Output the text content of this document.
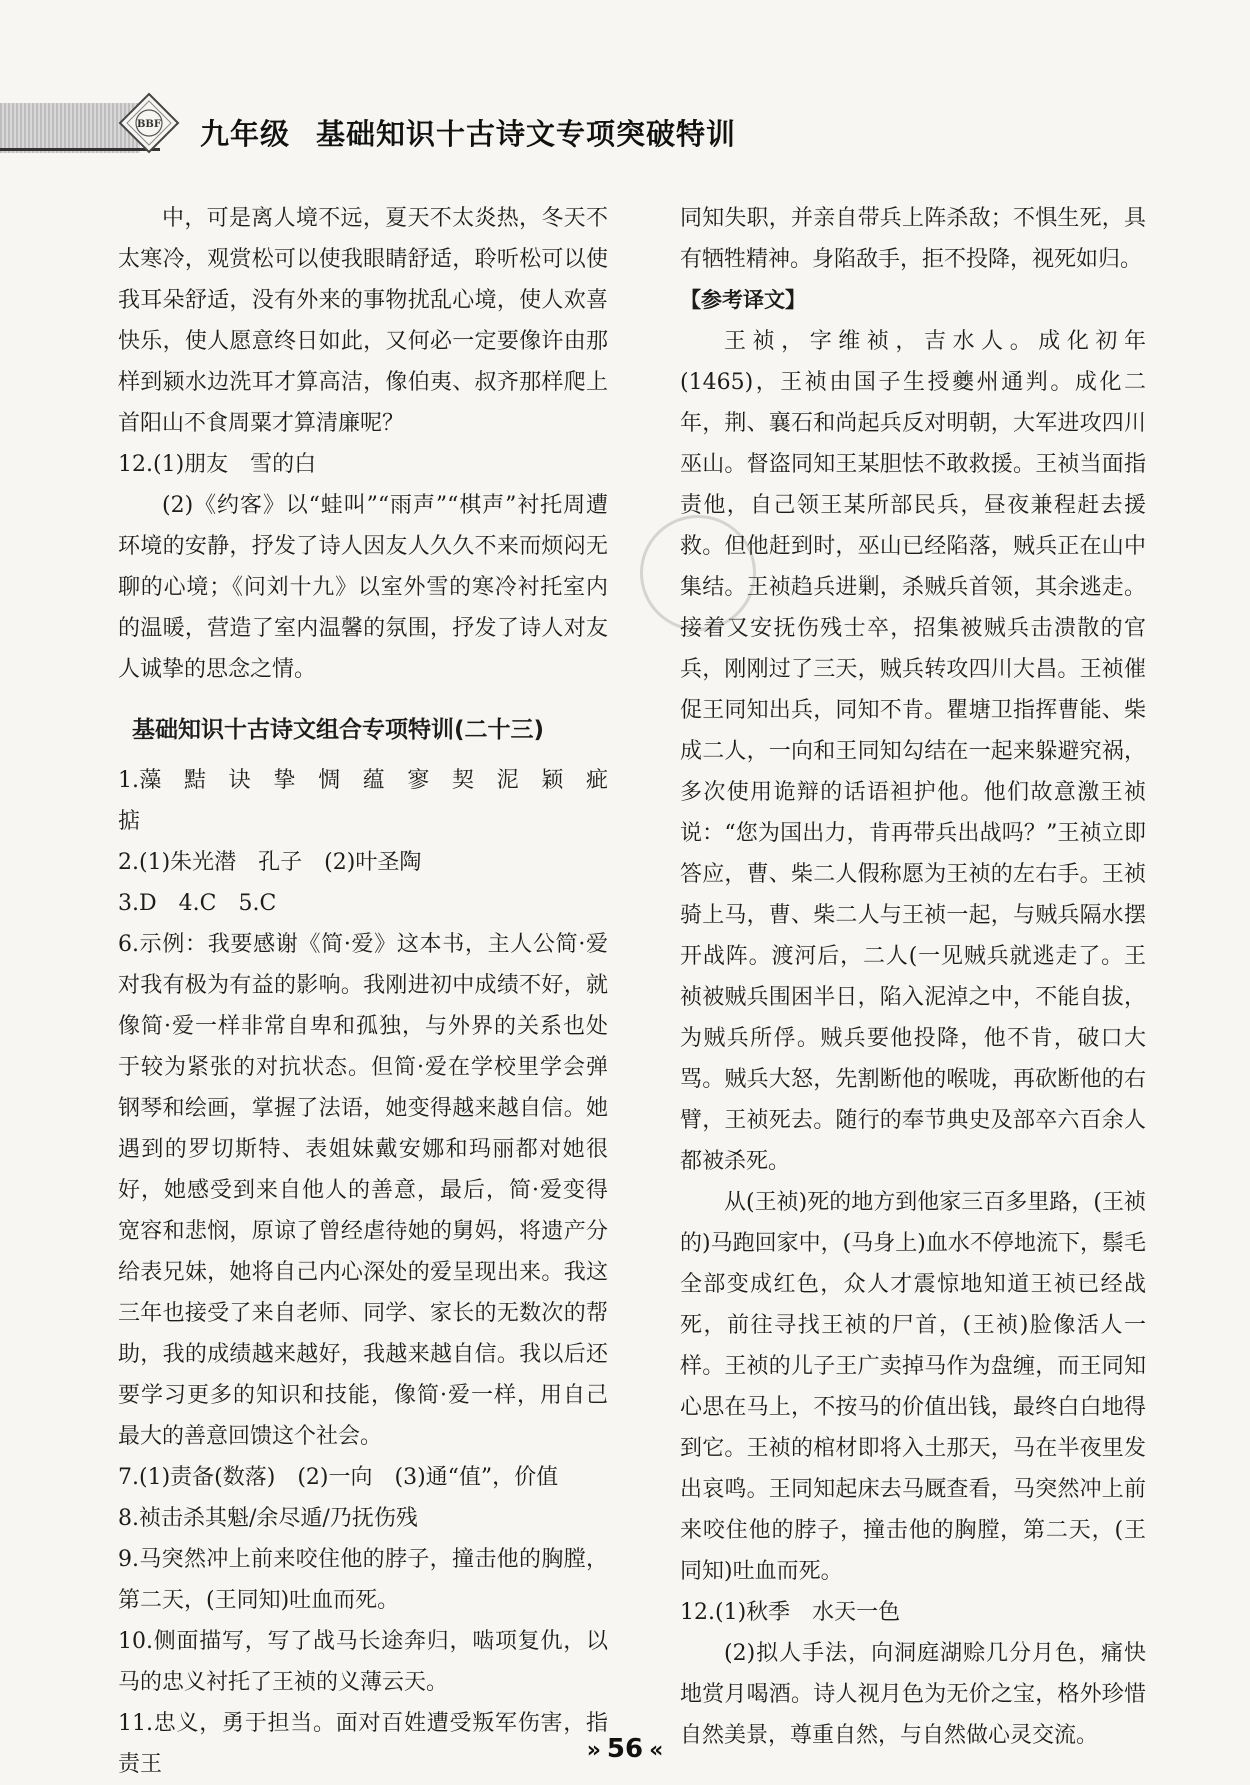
BBF 九年级 基础知识十古诗文专项突破特训

中，可是离人境不远，夏天不太炎热，冬天不太寒冷，观赏松可以使我眼睛舒适，聆听松可以使我耳朵舒适，没有外来的事物扰乱心境，使人欢喜快乐，使人愿意终日如此，又何必一定要像许由那样到颍水边洗耳才算高洁，像伯夷、叔齐那样爬上首阳山不食周粟才算清廉呢？

12.(1)朋友　雪的白

(2)《约客》以“蛙叫”“雨声”“棋声”衬托周遭环境的安静，抒发了诗人因友人久久不来而烦闷无聊的心境；《问刘十九》以室外雪的寒冷衬托室内的温暖，营造了室内温馨的氛围，抒发了诗人对友人诚挚的思念之情。

基础知识十古诗文组合专项特训(二十三)

1.藻　黠　诀　挚　惆　蕴　寥　契　泥　颖　疵　掂

2.(1)朱光潜　孔子　(2)叶圣陶

3.D　4.C　5.C

6.示例：我要感谢《简·爱》这本书，主人公简·爱对我有极为有益的影响。我刚进初中成绩不好，就像简·爱一样非常自卑和孤独，与外界的关系也处于较为紧张的对抗状态。但简·爱在学校里学会弹钢琴和绘画，掌握了法语，她变得越来越自信。她遇到的罗切斯特、表姐妹戴安娜和玛丽都对她很好，她感受到来自他人的善意，最后，简·爱变得宽容和悲悯，原谅了曾经虐待她的舅妈，将遗产分给表兄妹，她将自己内心深处的爱呈现出来。我这三年也接受了来自老师、同学、家长的无数次的帮助，我的成绩越来越好，我越来越自信。我以后还要学习更多的知识和技能，像简·爱一样，用自己最大的善意回馈这个社会。

7.(1)责备(数落)　(2)一向　(3)通“值”，价值

8.祯击杀其魁/余尽遁/乃抚伤残

9.马突然冲上前来咬住他的脖子，撞击他的胸膛，第二天，(王同知)吐血而死。

10.侧面描写，写了战马长途奔归，啮项复仇，以马的忠义衬托了王祯的义薄云天。

11.忠义，勇于担当。面对百姓遭受叛军伤害，指责王

同知失职，并亲自带兵上阵杀敌；不惧生死，具有牺牲精神。身陷敌手，拒不投降，视死如归。

【参考译文】

王祯，字维祯，吉水人。成化初年(1465)，王祯由国子生授夔州通判。成化二年，荆、襄石和尚起兵反对明朝，大军进攻四川巫山。督盗同知王某胆怯不敢救援。王祯当面指责他，自己领王某所部民兵，昼夜兼程赶去援救。但他赶到时，巫山已经陷落，贼兵正在山中集结。王祯趋兵进剿，杀贼兵首领，其余逃走。接着又安抚伤残士卒，招集被贼兵击溃散的官兵，刚刚过了三天，贼兵转攻四川大昌。王祯催促王同知出兵，同知不肯。瞿塘卫指挥曹能、柴成二人，一向和王同知勾结在一起来躲避究祸，多次使用诡辩的话语袒护他。他们故意激王祯说：“您为国出力，肯再带兵出战吗？”王祯立即答应，曹、柴二人假称愿为王祯的左右手。王祯骑上马，曹、柴二人与王祯一起，与贼兵隔水摆开战阵。渡河后，二人(一见贼兵就逃走了。王祯被贼兵围困半日，陷入泥淖之中，不能自拔，为贼兵所俘。贼兵要他投降，他不肯，破口大骂。贼兵大怒，先割断他的喉咙，再砍断他的右臂，王祯死去。随行的奉节典史及部卒六百余人都被杀死。

从(王祯)死的地方到他家三百多里路，(王祯的)马跑回家中，(马身上)血水不停地流下，鬃毛全部变成红色，众人才震惊地知道王祯已经战死，前往寻找王祯的尸首，(王祯)脸像活人一样。王祯的儿子王广卖掉马作为盘缠，而王同知心思在马上，不按马的价值出钱，最终白白地得到它。王祯的棺材即将入土那天，马在半夜里发出哀鸣。王同知起床去马厩查看，马突然冲上前来咬住他的脖子，撞击他的胸膛，第二天，(王同知)吐血而死。

12.(1)秋季　水天一色

(2)拟人手法，向洞庭湖赊几分月色，痛快地赏月喝酒。诗人视月色为无价之宝，格外珍惜自然美景，尊重自然，与自然做心灵交流。

» 56 «
